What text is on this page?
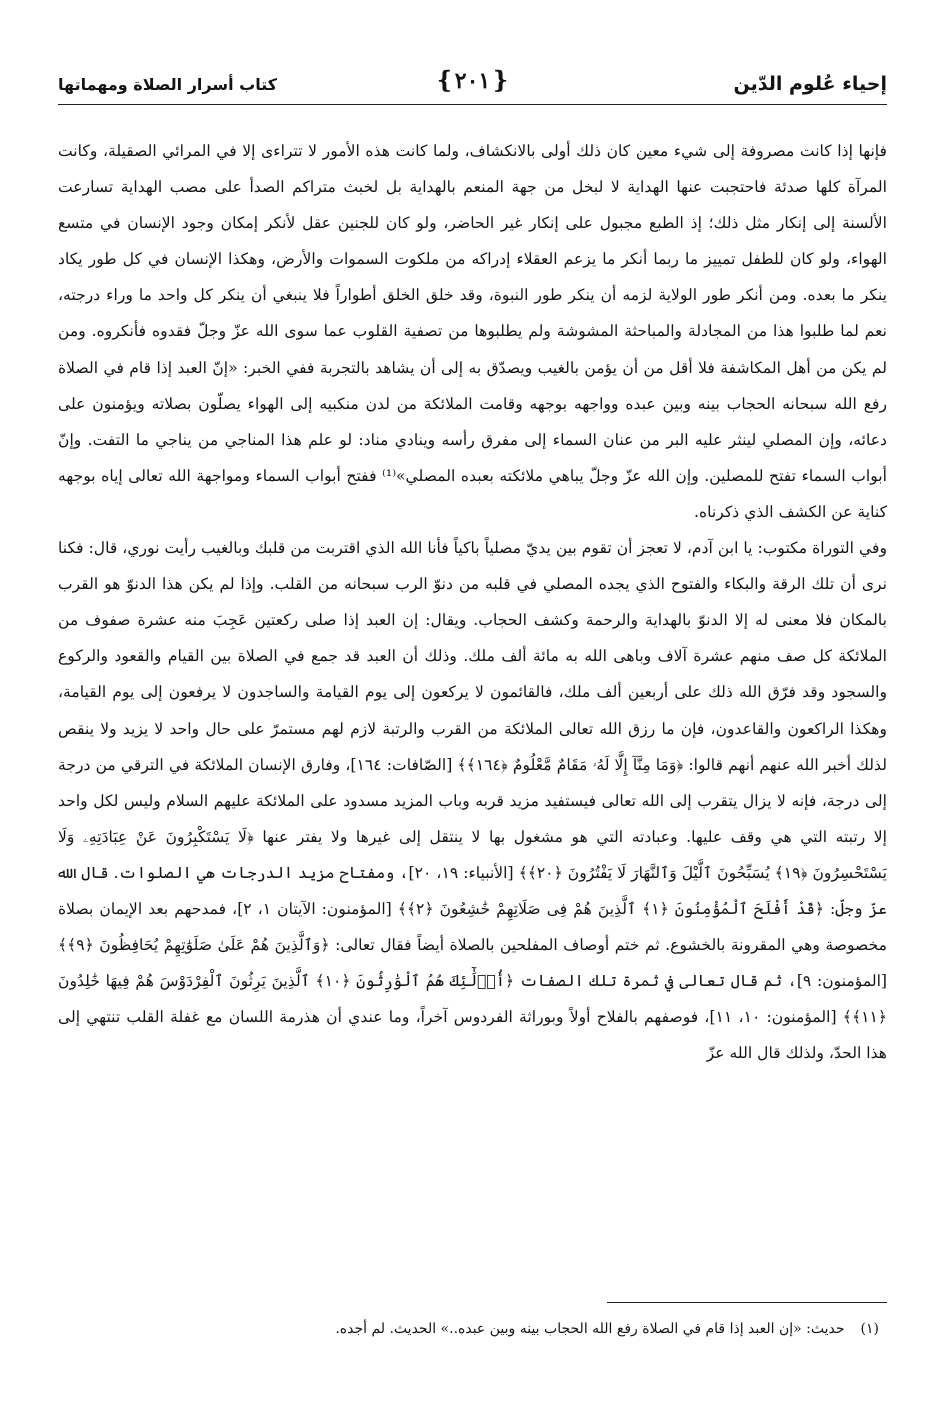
إحياء عُلوم الدّين
❴٢٠١❵
كتاب أسرار الصلاة ومهماتها

فإنها إذا كانت مصروفة إلى شيء معين كان ذلك أولى بالانكشاف، ولما كانت هذه الأمور لا تتراءى إلا في المرائي الصقيلة، وكانت المرآة كلها صدئة فاحتجبت عنها الهداية لا لبخل من جهة المنعم بالهداية بل لخبث متراكم الصدأ على مصب الهداية تسارعت الألسنة إلى إنكار مثل ذلك؛ إذ الطبع مجبول على إنكار غير الحاضر، ولو كان للجنين عقل لأنكر إمكان وجود الإنسان في متسع الهواء، ولو كان للطفل تمييز ما ربما أنكر ما يزعم العقلاء إدراكه من ملكوت السموات والأرض، وهكذا الإنسان في كل طور يكاد ينكر ما بعده. ومن أنكر طور الولاية لزمه أن ينكر طور النبوة، وقد خلق الخلق أطواراً فلا ينبغي أن ينكر كل واحد ما وراء درجته، نعم لما طلبوا هذا من المجادلة والمباحثة المشوشة ولم يطلبوها من تصفية القلوب عما سوى الله عزّ وجلّ فقدوه فأنكروه. ومن لم يكن من أهل المكاشفة فلا أقل من أن يؤمن بالغيب ويصدّق به إلى أن يشاهد بالتجربة ففي الخبر: «إنّ العبد إذا قام في الصلاة رفع الله سبحانه الحجاب بينه وبين عبده وواجهه بوجهه وقامت الملائكة من لدن منكبيه إلى الهواء يصلّون بصلاته ويؤمنون على دعائه، وإن المصلي لينثر عليه البر من عنان السماء إلى مفرق رأسه وينادي مناد: لو علم هذا المناجي من يناجي ما التفت. وإنّ أبواب السماء تفتح للمصلين. وإن الله عزّ وجلّ يباهي ملائكته بعبده المصلي»⁽¹⁾ ففتح أبواب السماء ومواجهة الله تعالى إياه بوجهه كناية عن الكشف الذي ذكرناه.

وفي التوراة مكتوب: يا ابن آدم، لا تعجز أن تقوم بين يديّ مصلياً باكياً فأنا الله الذي اقتربت من قلبك وبالغيب رأيت نوري، قال: فكنا نرى أن تلك الرقة والبكاء والفتوح الذي يجده المصلي في قلبه من دنوّ الرب سبحانه من القلب. وإذا لم يكن هذا الدنوّ هو القرب بالمكان فلا معنى له إلا الدنوّ بالهداية والرحمة وكشف الحجاب. ويقال: إن العبد إذا صلى ركعتين عَجِبَ منه عشرة صفوف من الملائكة كل صف منهم عشرة آلاف وباهى الله به مائة ألف ملك. وذلك أن العبد قد جمع في الصلاة بين القيام والقعود والركوع والسجود وقد فرّق الله ذلك على أربعين ألف ملك، فالقائمون لا يركعون إلى يوم القيامة والساجدون لا يرفعون إلى يوم القيامة، وهكذا الراكعون والقاعدون، فإن ما رزق الله تعالى الملائكة من القرب والرتبة لازم لهم مستمرّ على حال واحد لا يزيد ولا ينقص لذلك أخبر الله عنهم أنهم قالوا: ﴿وَمَا مِنَّآ إِلَّا لَهُۥ مَقَامٌ مَّعْلُومٌ ﴿١٦٤﴾﴾ [الصّافات: ١٦٤]، وفارق الإنسان الملائكة في الترقي من درجة إلى درجة، فإنه لا يزال يتقرب إلى الله تعالى فيستفيد مزيد قربه وباب المزيد مسدود على الملائكة عليهم السلام وليس لكل واحد إلا رتبته التي هي وقف عليها. وعبادته التي هو مشغول بها لا ينتقل إلى غيرها ولا يفتر عنها ﴿لَا يَسْتَكْبِرُونَ عَنْ عِبَادَتِهِۦ وَلَا يَسْتَحْسِرُونَ ﴿١٩﴾ يُسَبِّحُونَ ٱلَّيْلَ وَٱلنَّهَارَ لَا يَفْتُرُونَ ﴿٢٠﴾﴾ [الأنبياء: ١٩، ٢٠]، ومفتاح مزيد الدرجات هي الصلوات. قال الله عزّ وجلّ: ﴿قَدْ أَفْلَحَ ٱلْمُؤْمِنُونَ ﴿١﴾ ٱلَّذِينَ هُمْ فِى صَلَاتِهِمْ خَٰشِعُونَ ﴿٢﴾﴾ [المؤمنون: الآيتان ١، ٢]، فمدحهم بعد الإيمان بصلاة مخصوصة وهي المقرونة بالخشوع. ثم ختم أوصاف المفلحين بالصلاة أيضاً فقال تعالى: ﴿وَٱلَّذِينَ هُمْ عَلَىٰ صَلَوَٰتِهِمْ يُحَافِظُونَ ﴿٩﴾﴾ [المؤمنون: ٩]، ثم قال تعالى في ثمرة تلك الصفات ﴿أُو۟لَٰٓئِكَ هُمُ ٱلْوَٰرِثُونَ ﴿١٠﴾ ٱلَّذِينَ يَرِثُونَ ٱلْفِرْدَوْسَ هُمْ فِيهَا خَٰلِدُونَ ﴿١١﴾﴾ [المؤمنون: ١٠، ١١]، فوصفهم بالفلاح أولاً وبوراثة الفردوس آخراً، وما عندي أن هذرمة اللسان مع غفلة القلب تنتهي إلى هذا الحدّ، ولذلك قال الله عزّ

(١)
حديث: «إن العبد إذا قام في الصلاة رفع الله الحجاب بينه وبين عبده..» الحديث. لم أجده.
